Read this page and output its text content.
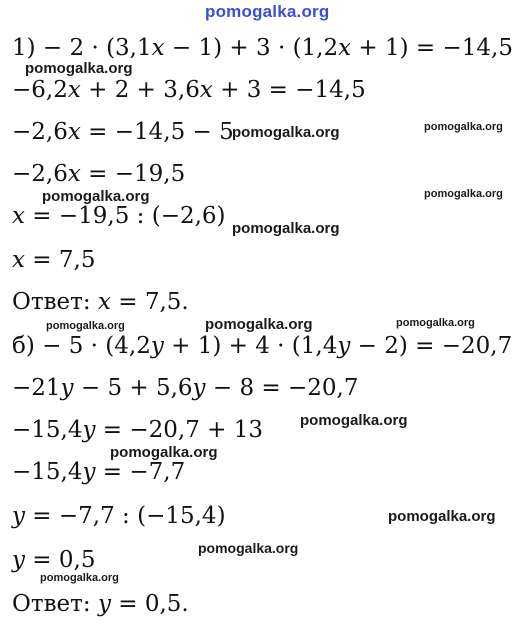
pomogalka.org
1) − 2 · (3,1x − 1) + 3 · (1,2x + 1) = −14,5
−6,2x + 2 + 3,6x + 3 = −14,5
−2,6x = −14,5 − 5
−2,6x = −19,5
x = −19,5 : (−2,6)
x = 7,5
Ответ: x = 7,5.
б) − 5 · (4,2y + 1) + 4 · (1,4y − 2) = −20,7
−21y − 5 + 5,6y − 8 = −20,7
−15,4y = −20,7 + 13
−15,4y = −7,7
y = −7,7 : (−15,4)
y = 0,5
Ответ: y = 0,5.
pomogalka.org
pomogalka.org	pomogalka.org
pomogalka.org	pomogalka.org
pomogalka.org
pomogalka.org	pomogalka.org	pomogalka.org
pomogalka.org
pomogalka.org
pomogalka.org
pomogalka.org
pomogalka.org
